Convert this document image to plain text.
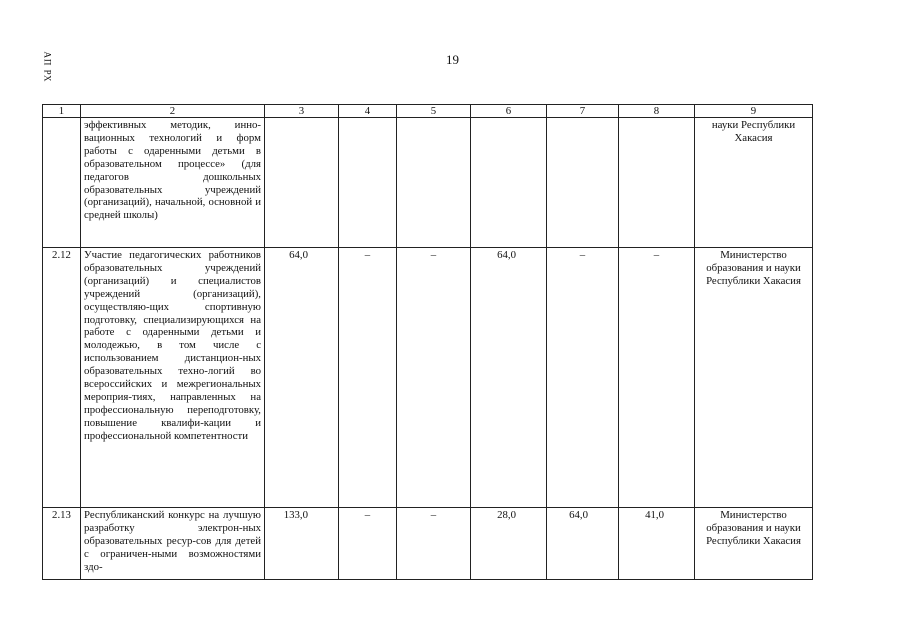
АП РХ	19
1	2	3	4	5	6	7	8	9
	эффективных методик, инно-вационных технологий и форм работы с одаренными детьми в образовательном процессе» (для педагогов дошкольных образовательных учреждений (организаций), начальной, основной и средней школы)							науки Республики Хакасия
2.12	Участие педагогических работников образовательных учреждений (организаций) и специалистов учреждений (организаций), осуществляю-щих спортивную подготовку, специализирующихся на работе с одаренными детьми и молодежью, в том числе с использованием дистанцион-ных образовательных техно-логий во всероссийских и межрегиональных мероприя-тиях, направленных на профессиональную переподготовку, повышение квалифи-кации и профессиональной компетентности	64,0	–	–	64,0	–	–	Министерство образования и науки Республики Хакасия
2.13	Республиканский конкурс на лучшую разработку электрон-ных образовательных ресур-сов для детей с ограничен-ными возможностями здо-	133,0	–	–	28,0	64,0	41,0	Министерство образования и науки Республики Хакасия
